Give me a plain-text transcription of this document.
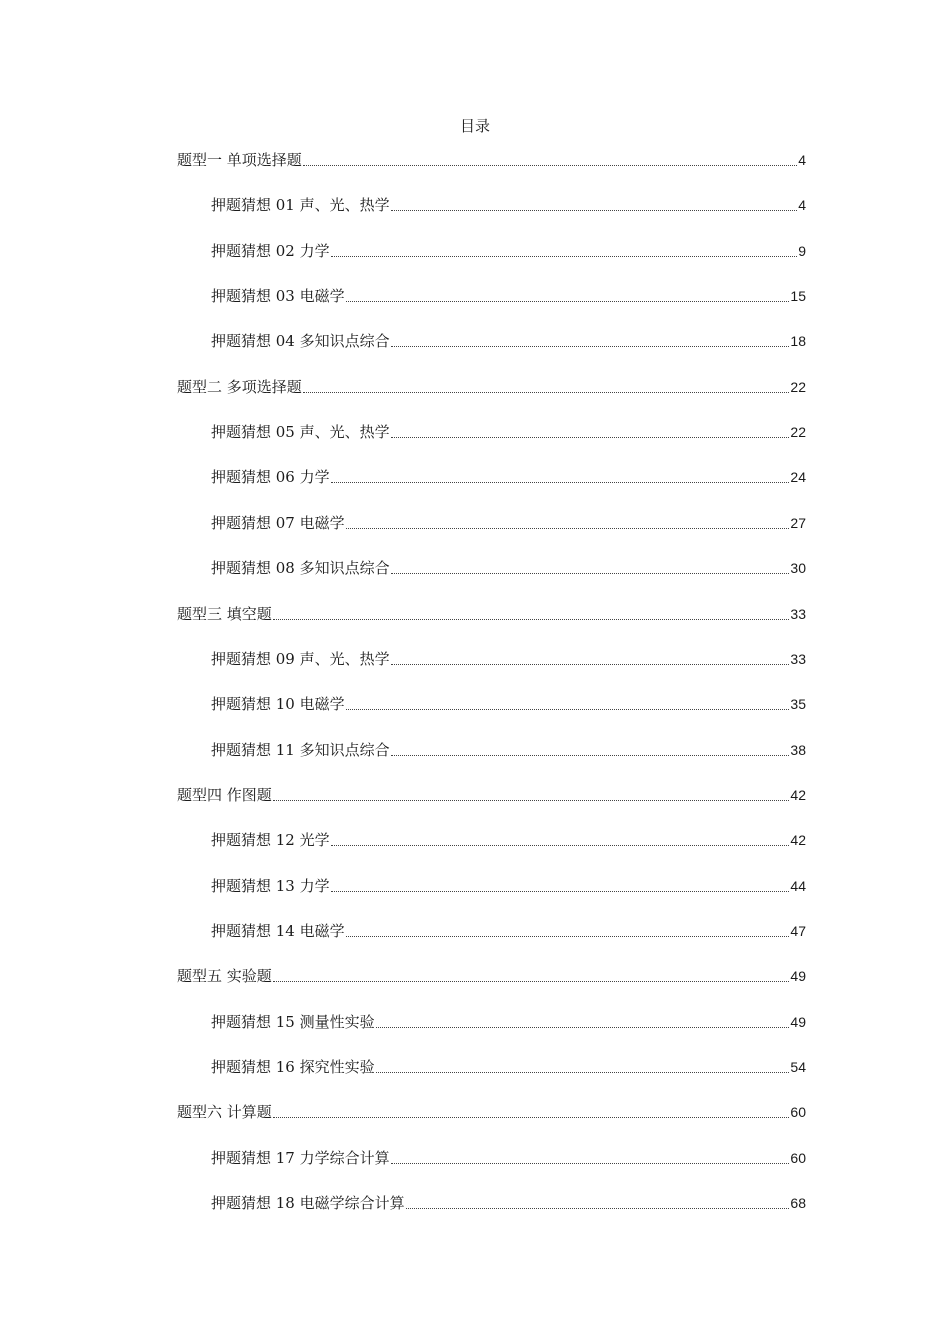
目录
题型一 单项选择题	4
押题猜想 01 声、光、热学	4
押题猜想 02 力学	9
押题猜想 03 电磁学	15
押题猜想 04 多知识点综合	18
题型二 多项选择题	22
押题猜想 05 声、光、热学	22
押题猜想 06 力学	24
押题猜想 07 电磁学	27
押题猜想 08 多知识点综合	30
题型三 填空题	33
押题猜想 09 声、光、热学	33
押题猜想 10 电磁学	35
押题猜想 11 多知识点综合	38
题型四 作图题	42
押题猜想 12 光学	42
押题猜想 13 力学	44
押题猜想 14 电磁学	47
题型五 实验题	49
押题猜想 15 测量性实验	49
押题猜想 16 探究性实验	54
题型六 计算题	60
押题猜想 17 力学综合计算	60
押题猜想 18 电磁学综合计算	68
